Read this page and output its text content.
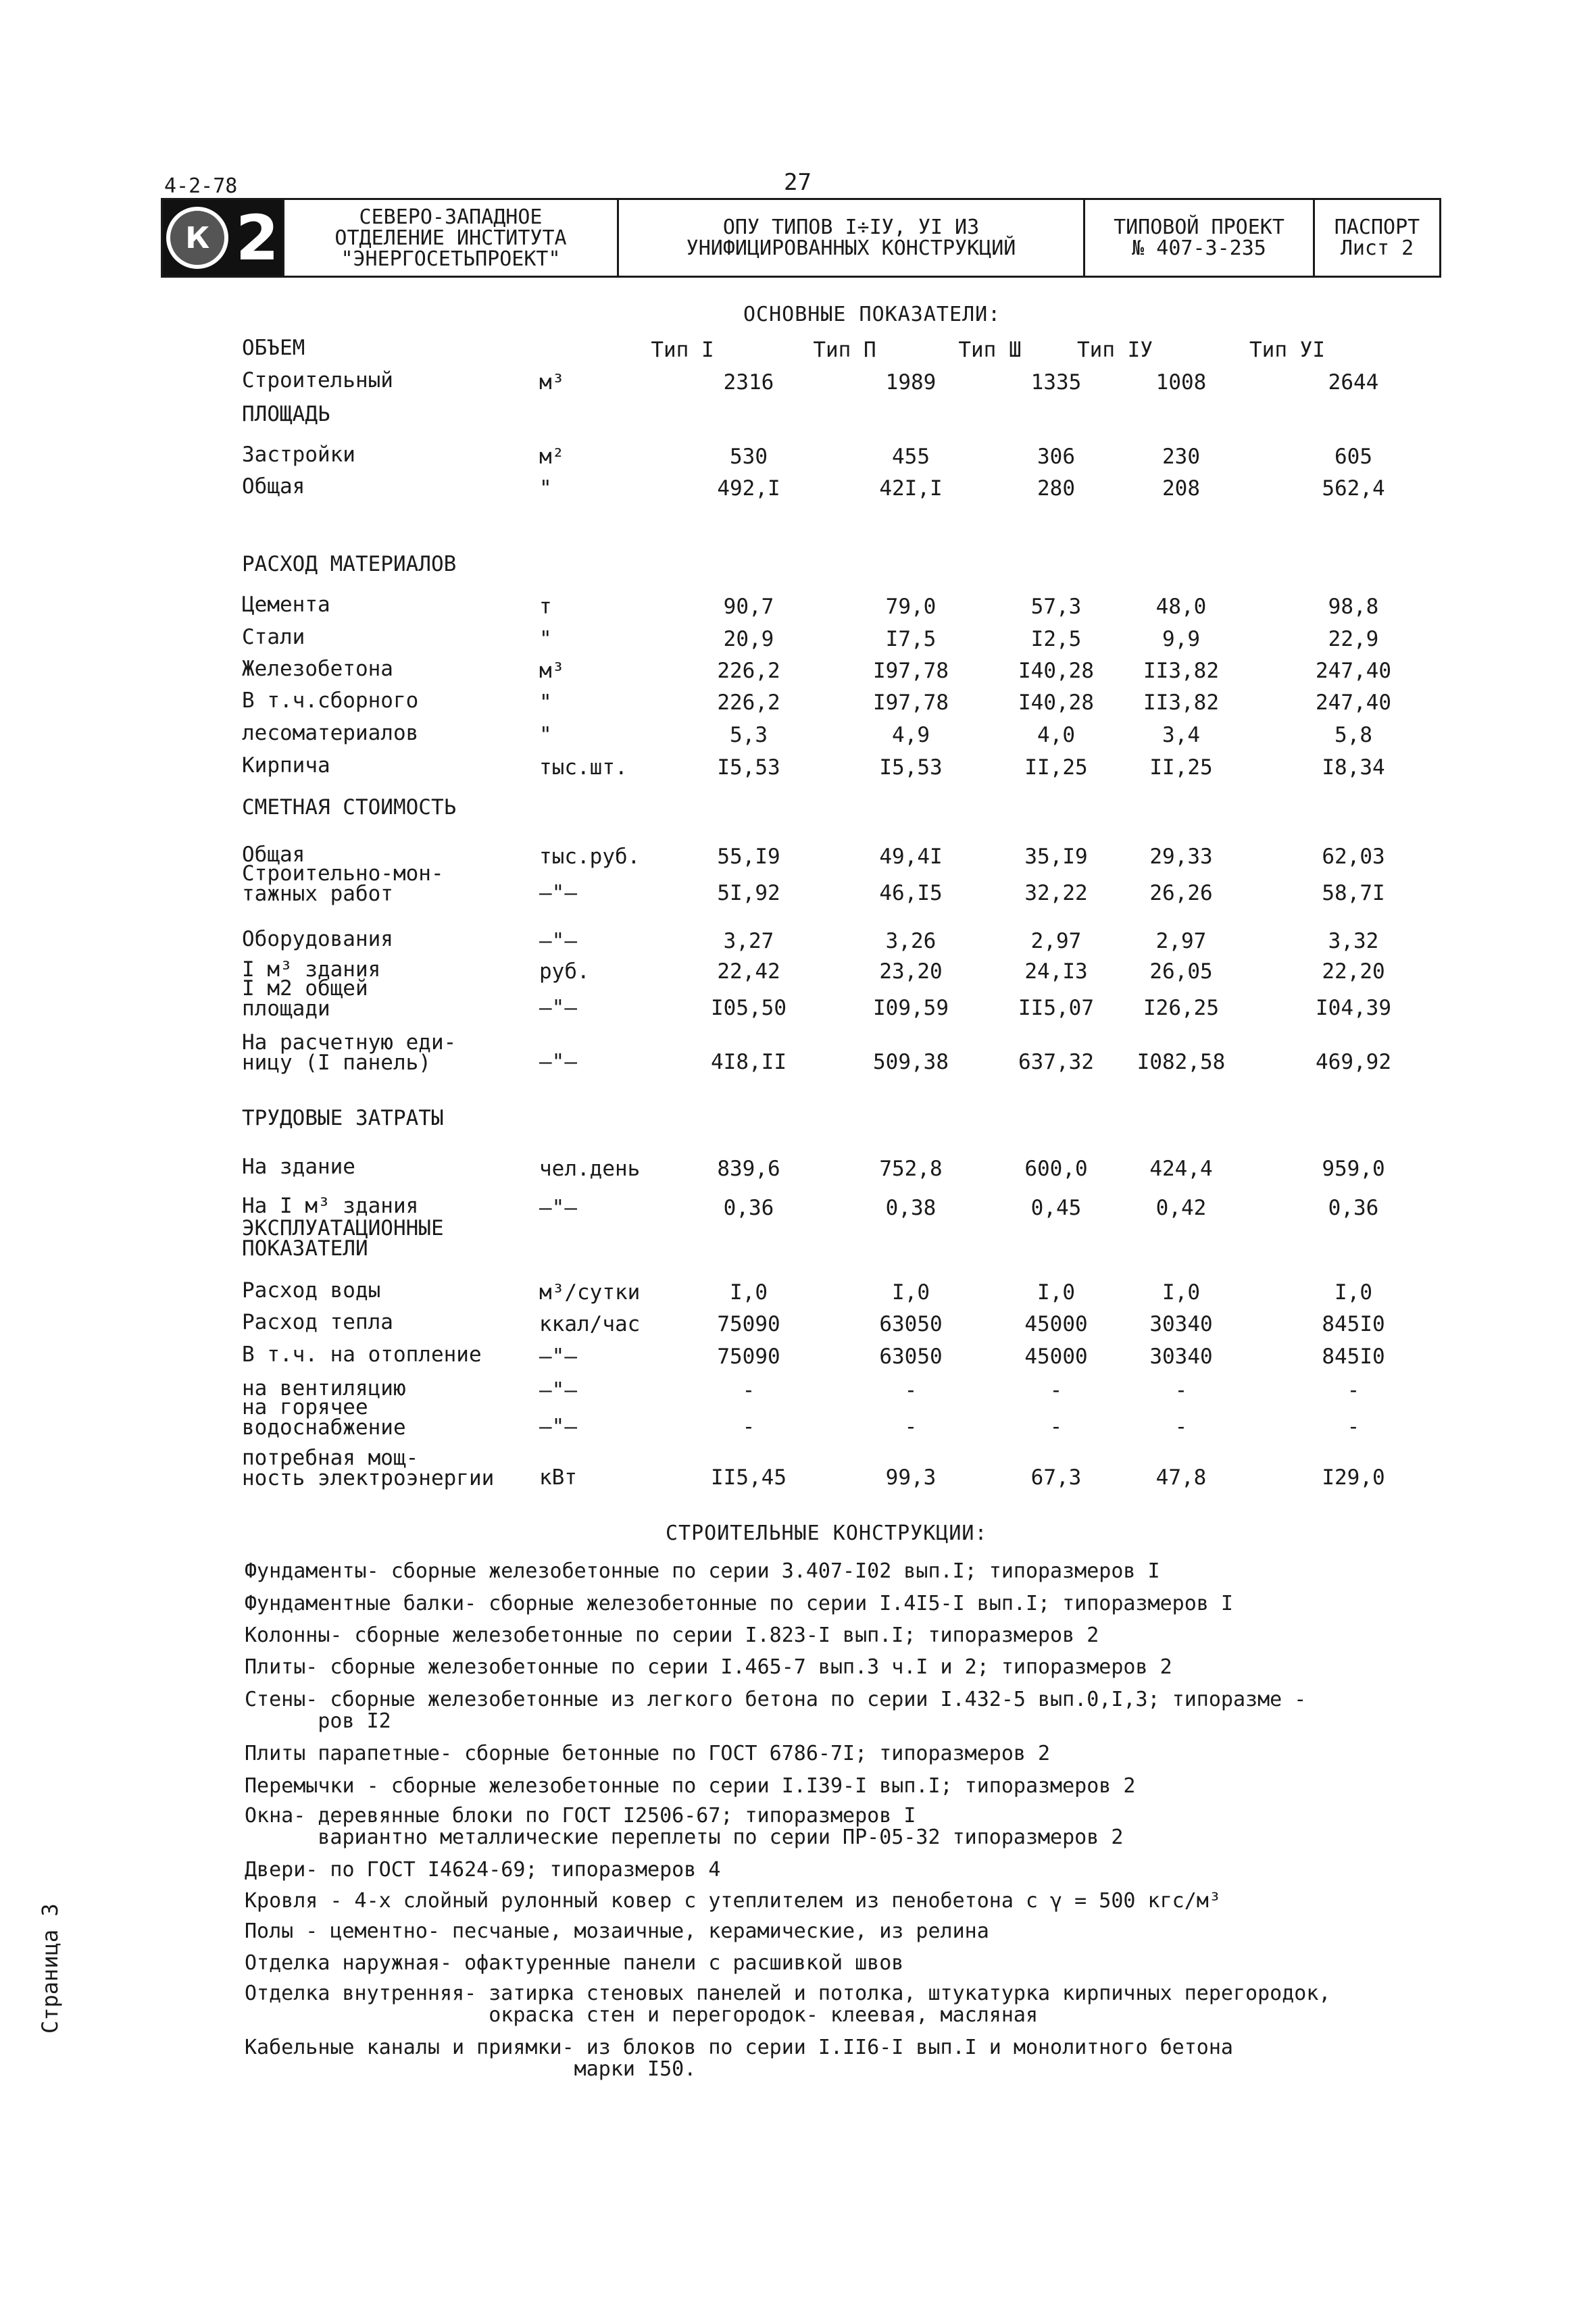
4-2-78	27
К 2	СЕВЕРО-ЗАПАДНОЕ
ОТДЕЛЕНИЕ ИНСТИТУТА
"ЭНЕРГОСЕТЬПРОЕКТ"
ОПУ ТИПОВ I÷IУ, УI ИЗ
УНИФИЦИРОВАННЫХ КОНСТРУКЦИЙ
ТИПОВОЙ ПРОЕКТ
№ 407-3-235
ПАСПОРТ
Лист 2
ОСНОВНЫЕ ПОКАЗАТЕЛИ:
Тип I	Тип П	Тип Ш	Тип IУ	Тип УI
ОБЪЕМ
Строительный	м³	2316	1989	1335	1008	2644
ПЛОЩАДЬ
Застройки	м²	530	455	306	230	605
Общая	"	492,I	42I,I	280	208	562,4
РАСХОД МАТЕРИАЛОВ
Цемента	т	90,7	79,0	57,3	48,0	98,8
Стали	"	20,9	I7,5	I2,5	9,9	22,9
Железобетона	м³	226,2	I97,78	I40,28	II3,82	247,40
В т.ч.сборного	"	226,2	I97,78	I40,28	II3,82	247,40
лесоматериалов	"	5,3	4,9	4,0	3,4	5,8
Кирпича	тыс.шт.	I5,53	I5,53	II,25	II,25	I8,34
СМЕТНАЯ СТОИМОСТЬ
Общая	тыс.руб.	55,I9	49,4I	35,I9	29,33	62,03
Строительно-мон-
тажных работ	—"—	5I,92	46,I5	32,22	26,26	58,7I
Оборудования	—"—	3,27	3,26	2,97	2,97	3,32
I м³ здания	руб.	22,42	23,20	24,I3	26,05	22,20
I м2 общей
площади	—"—	I05,50	I09,59	II5,07	I26,25	I04,39
На расчетную еди-
ницу (I панель)	—"—	4I8,II	509,38	637,32	I082,58	469,92
ТРУДОВЫЕ ЗАТРАТЫ
На здание	чел.день	839,6	752,8	600,0	424,4	959,0
На I м³ здания	—"—	0,36	0,38	0,45	0,42	0,36
ЭКСПЛУАТАЦИОННЫЕ
ПОКАЗАТЕЛИ
Расход воды	м³/сутки	I,0	I,0	I,0	I,0	I,0
Расход тепла	ккал/час	75090	63050	45000	30340	845I0
В т.ч. на отопление	—"—	75090	63050	45000	30340	845I0
на вентиляцию	—"—	-	-	-	-	-
на горячее
водоснабжение	—"—	-	-	-	-	-
потребная мощ-
ность электроэнергии кВт	II5,45	99,3	67,3	47,8	I29,0
СТРОИТЕЛЬНЫЕ КОНСТРУКЦИИ:
Фундаменты- сборные железобетонные по серии 3.407-I02 вып.I; типоразмеров I
Фундаментные балки- сборные железобетонные по серии I.4I5-I вып.I; типоразмеров I
Колонны- сборные железобетонные по серии I.823-I вып.I; типоразмеров 2
Плиты- сборные железобетонные по серии I.465-7 вып.3 ч.I и 2; типоразмеров 2
Стены- сборные железобетонные из легкого бетона по серии I.432-5 вып.0,I,3; типоразме -
ров I2
Плиты парапетные- сборные бетонные по ГОСТ 6786-7I; типоразмеров 2
Перемычки - сборные железобетонные по серии I.I39-I вып.I; типоразмеров 2
Окна- деревянные блоки по ГОСТ I2506-67; типоразмеров I
вариантно металлические переплеты по серии ПР-05-32 типоразмеров 2
Двери- по ГОСТ I4624-69; типоразмеров 4
Кровля - 4-х слойный рулонный ковер с утеплителем из пенобетона с γ = 500 кгс/м³
Полы - цементно- песчаные, мозаичные, керамические, из релина
Отделка наружная- офактуренные панели с расшивкой швов
Отделка внутренняя- затирка стеновых панелей и потолка, штукатурка кирпичных перегородок,
окраска стен и перегородок- клеевая, масляная
Кабельные каналы и приямки- из блоков по серии I.II6-I вып.I и монолитного бетона
марки I50.
Страница 3
